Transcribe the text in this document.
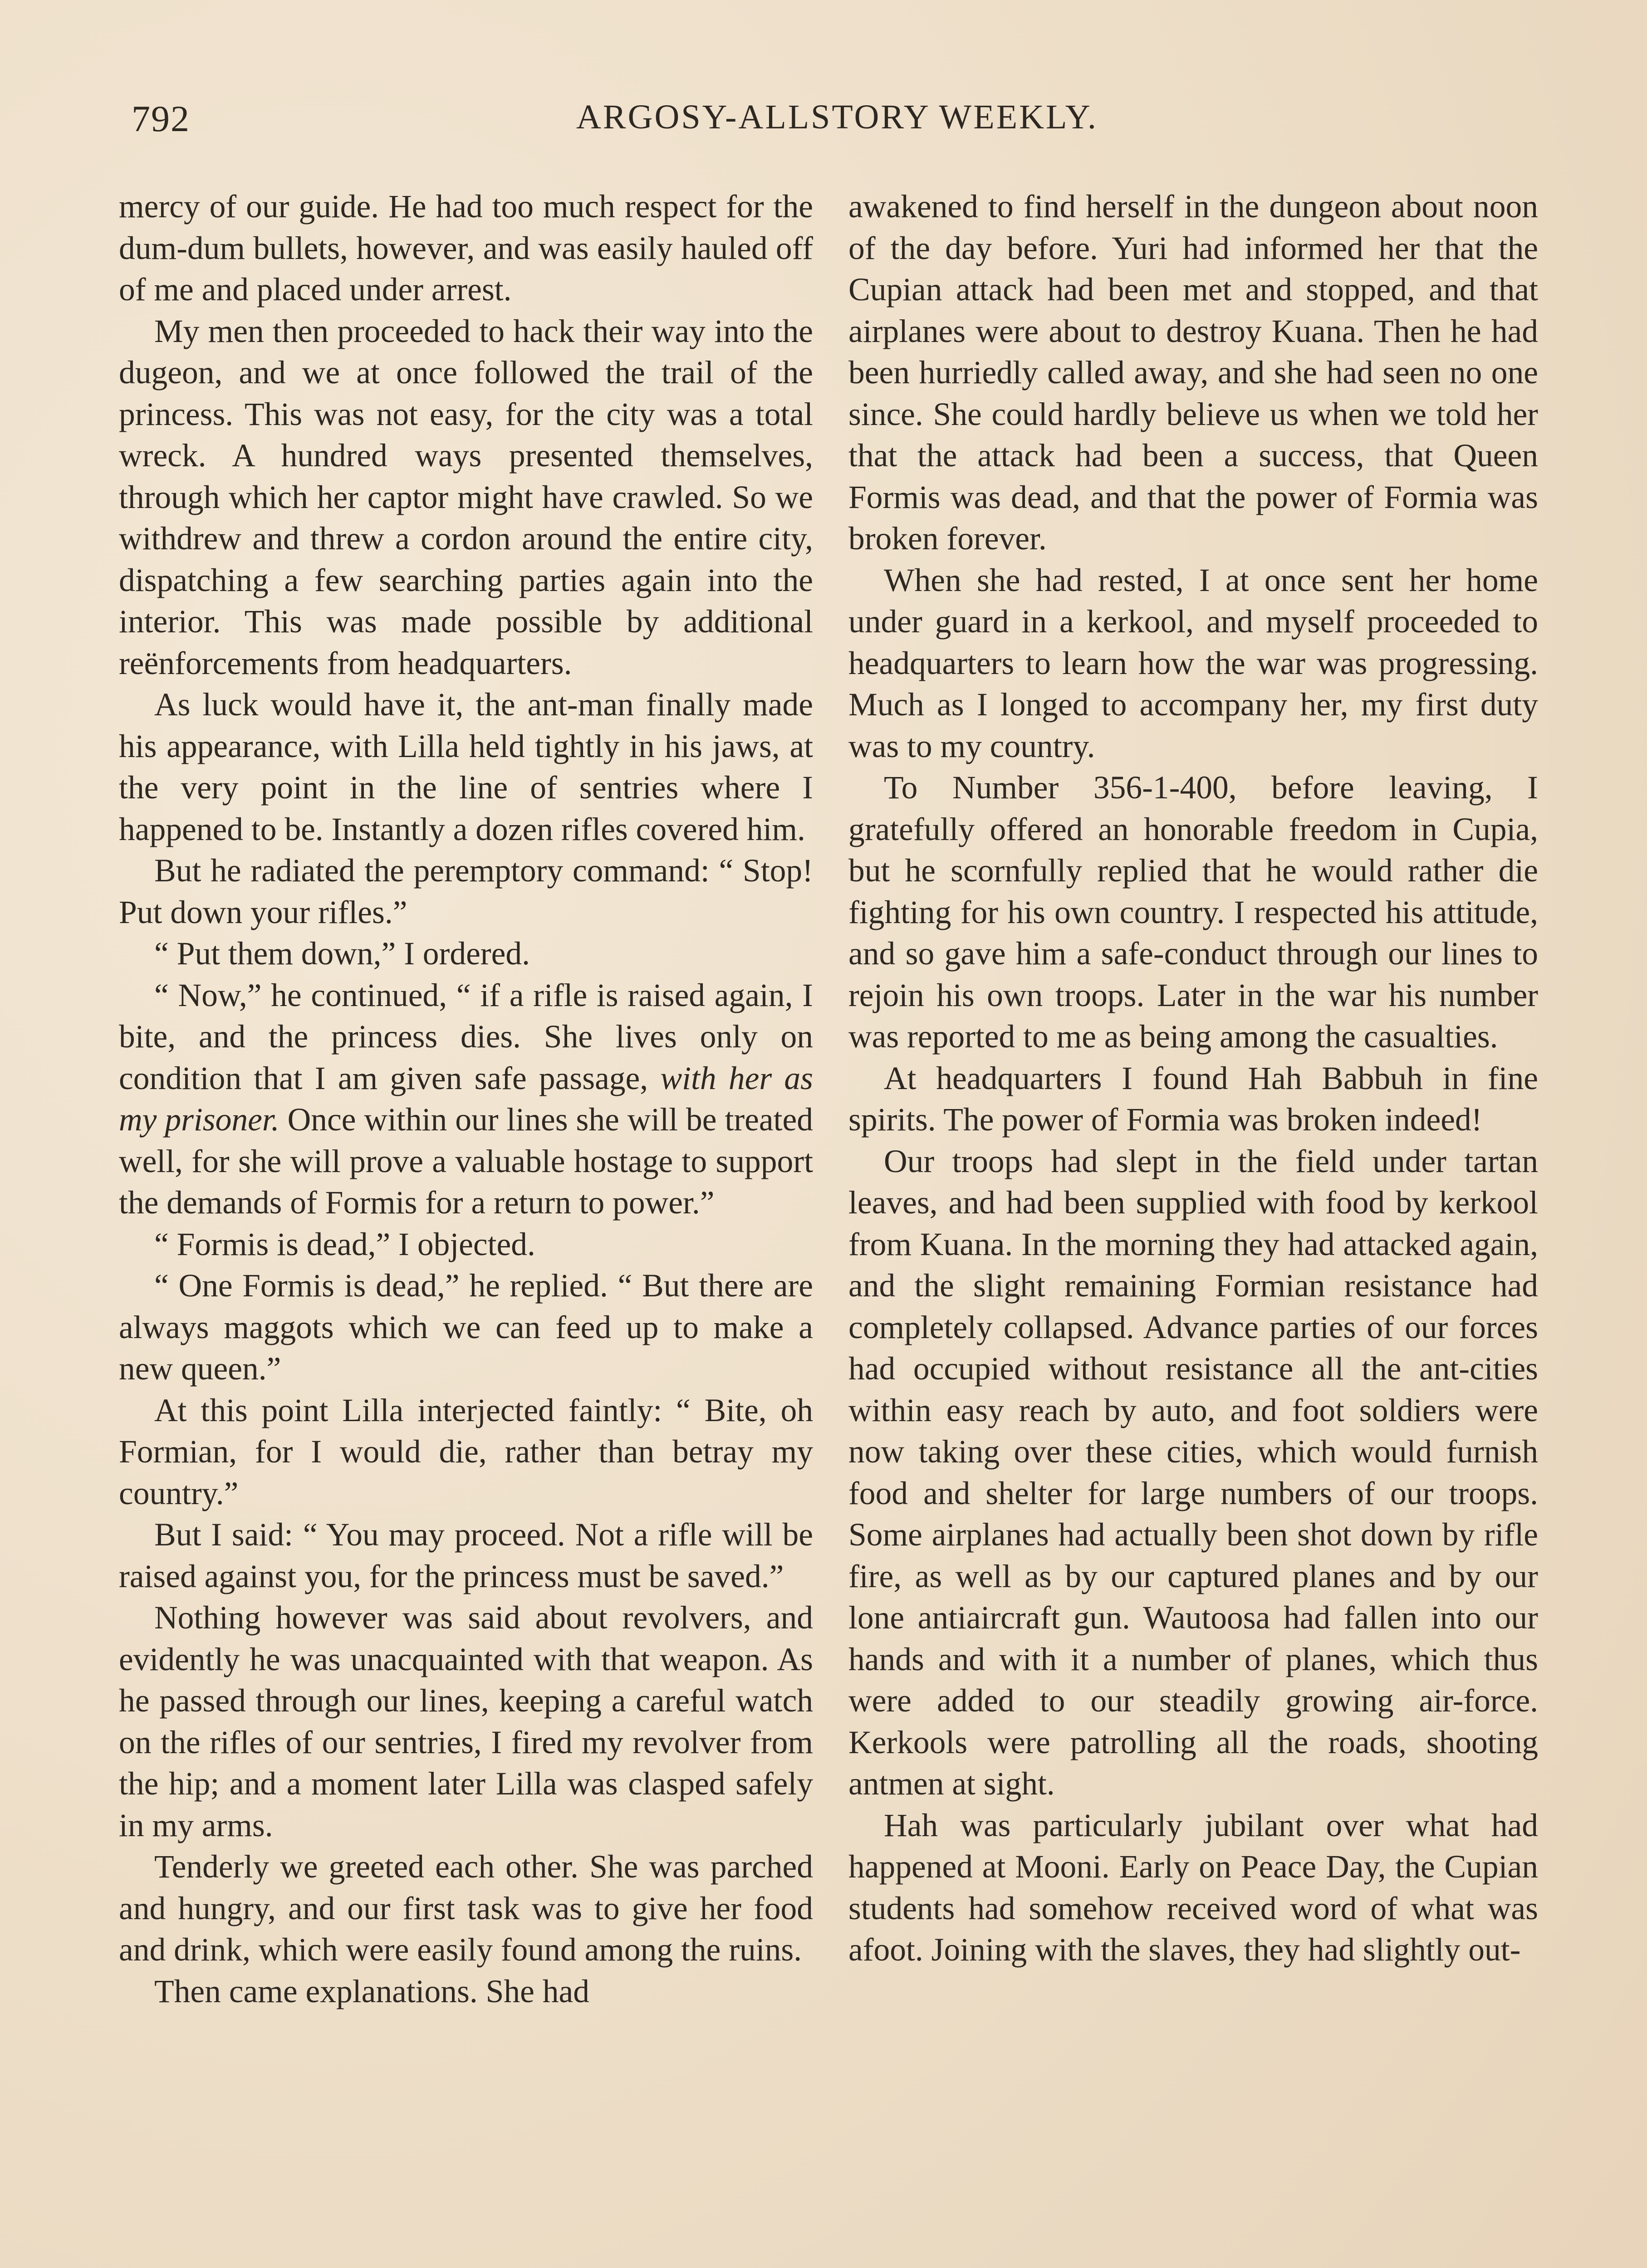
792	ARGOSY-ALLSTORY WEEKLY.

mercy of our guide. He had too much respect for the dum-dum bullets, however, and was easily hauled off of me and placed under arrest.

My men then proceeded to hack their way into the dugeon, and we at once followed the trail of the princess. This was not easy, for the city was a total wreck. A hundred ways presented themselves, through which her captor might have crawled. So we withdrew and threw a cordon around the entire city, dispatching a few searching parties again into the interior. This was made possible by additional reënforcements from headquarters.

As luck would have it, the ant-man finally made his appearance, with Lilla held tightly in his jaws, at the very point in the line of sentries where I happened to be. Instantly a dozen rifles covered him.

But he radiated the peremptory command: “ Stop! Put down your rifles.”

“ Put them down,” I ordered.

“ Now,” he continued, “ if a rifle is raised again, I bite, and the princess dies. She lives only on condition that I am given safe passage, with her as my prisoner. Once within our lines she will be treated well, for she will prove a valuable hostage to support the demands of Formis for a return to power.”

“ Formis is dead,” I objected.

“ One Formis is dead,” he replied. “ But there are always maggots which we can feed up to make a new queen.”

At this point Lilla interjected faintly: “ Bite, oh Formian, for I would die, rather than betray my country.”

But I said: “ You may proceed. Not a rifle will be raised against you, for the princess must be saved.”

Nothing however was said about revolvers, and evidently he was unacquainted with that weapon. As he passed through our lines, keeping a careful watch on the rifles of our sentries, I fired my revolver from the hip; and a moment later Lilla was clasped safely in my arms.

Tenderly we greeted each other. She was parched and hungry, and our first task was to give her food and drink, which were easily found among the ruins.

Then came explanations. She had

awakened to find herself in the dungeon about noon of the day before. Yuri had informed her that the Cupian attack had been met and stopped, and that airplanes were about to destroy Kuana. Then he had been hurriedly called away, and she had seen no one since. She could hardly believe us when we told her that the attack had been a success, that Queen Formis was dead, and that the power of Formia was broken forever.

When she had rested, I at once sent her home under guard in a kerkool, and myself proceeded to headquarters to learn how the war was progressing. Much as I longed to accompany her, my first duty was to my country.

To Number 356-1-400, before leaving, I gratefully offered an honorable freedom in Cupia, but he scornfully replied that he would rather die fighting for his own country. I respected his attitude, and so gave him a safe-conduct through our lines to rejoin his own troops. Later in the war his number was reported to me as being among the casualties.

At headquarters I found Hah Babbuh in fine spirits. The power of Formia was broken indeed!

Our troops had slept in the field under tartan leaves, and had been supplied with food by kerkool from Kuana. In the morning they had attacked again, and the slight remaining Formian resistance had completely collapsed. Advance parties of our forces had occupied without resistance all the ant-cities within easy reach by auto, and foot soldiers were now taking over these cities, which would furnish food and shelter for large numbers of our troops. Some airplanes had actually been shot down by rifle fire, as well as by our captured planes and by our lone antiaircraft gun. Wautoosa had fallen into our hands and with it a number of planes, which thus were added to our steadily growing air-force. Kerkools were patrolling all the roads, shooting antmen at sight.

Hah was particularly jubilant over what had happened at Mooni. Early on Peace Day, the Cupian students had somehow received word of what was afoot. Joining with the slaves, they had slightly out-
